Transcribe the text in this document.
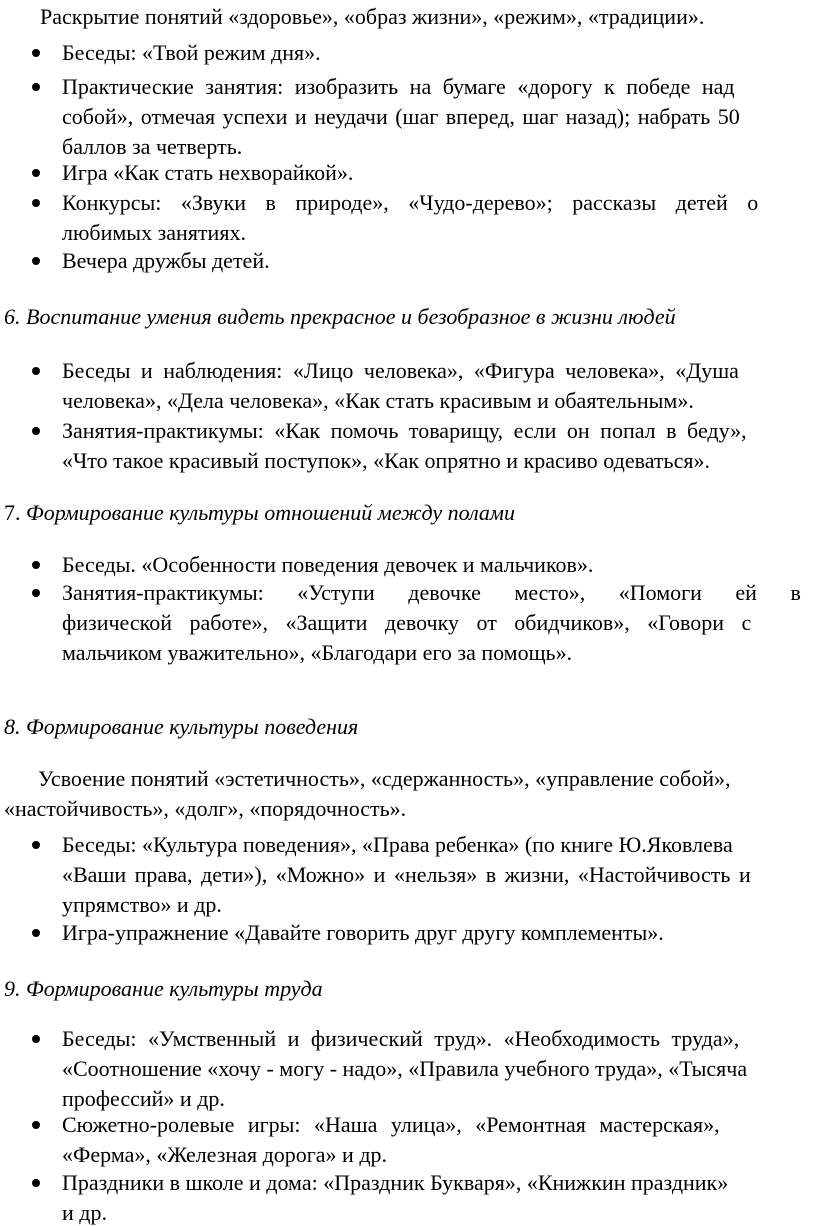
Раскрытие понятий «здоровье», «образ жизни», «режим», «традиции».
Беседы: «Твой режим дня».
Практические занятия: изобразить на бумаге «дорогу к победе над
собой», отмечая успехи и неудачи (шаг вперед, шаг назад); набрать 50
баллов за четверть.
Игра «Как стать нехворайкой».
Конкурсы: «Звуки в природе», «Чудо-дерево»; рассказы детей о
любимых занятиях.
Вечера дружбы детей.
6. Воспитание умения видеть прекрасное и безобразное в жизни людей
Беседы и наблюдения: «Лицо человека», «Фигура человека», «Душа
человека», «Дела человека», «Как стать красивым и обаятельным».
Занятия-практикумы: «Как помочь товарищу, если он попал в беду»,
«Что такое красивый поступок», «Как опрятно и красиво одеваться».
7. Формирование культуры отношений между полами
Беседы. «Особенности поведения девочек и мальчиков».
Занятия-практикумы: «Уступи девочке место», «Помоги ей в
физической работе», «Защити девочку от обидчиков», «Говори с
мальчиком уважительно», «Благодари его за помощь».
8. Формирование культуры поведения
Усвоение понятий «эстетичность», «сдержанность», «управление собой»,
«настойчивость», «долг», «порядочность».
Беседы: «Культура поведения», «Права ребенка» (по книге Ю.Яковлева
«Ваши права, дети»), «Можно» и «нельзя» в жизни, «Настойчивость и
упрямство» и др.
Игра-упражнение «Давайте говорить друг другу комплементы».
9. Формирование культуры труда
Беседы: «Умственный и физический труд». «Необходимость труда»,
«Соотношение «хочу - могу - надо», «Правила учебного труда», «Тысяча
профессий» и др.
Сюжетно-ролевые игры: «Наша улица», «Ремонтная мастерская»,
«Ферма», «Железная дорога» и др.
Праздники в школе и дома: «Праздник Букваря», «Книжкин праздник»
и др.
